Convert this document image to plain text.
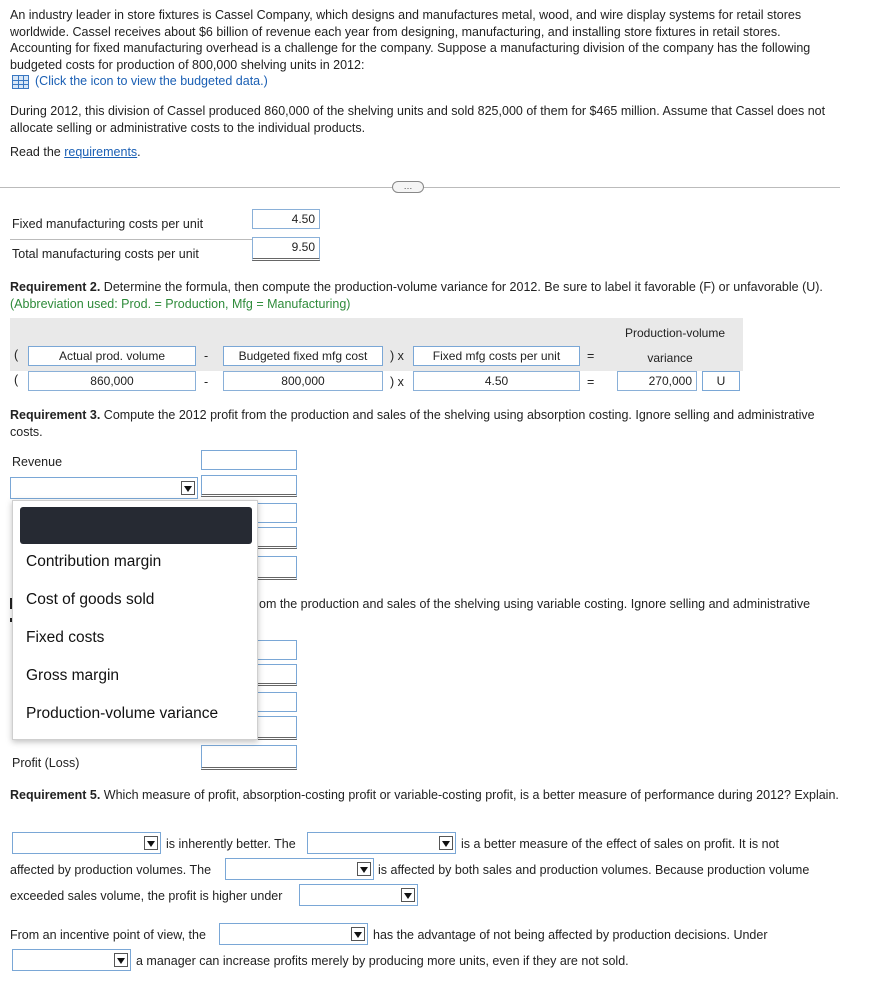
An industry leader in store fixtures is Cassel Company, which designs and manufactures metal, wood, and wire display systems for retail stores worldwide. Cassel receives about $6 billion of revenue each year from designing, manufacturing, and installing store fixtures in retail stores. Accounting for fixed manufacturing overhead is a challenge for the company. Suppose a manufacturing division of the company has the following budgeted costs for production of 800,000 shelving units in 2012:
(Click the icon to view the budgeted data.)
During 2012, this division of Cassel produced 860,000 of the shelving units and sold 825,000 of them for $465 million. Assume that Cassel does not allocate selling or administrative costs to the individual products.
Read the requirements.
…
Fixed manufacturing costs per unit	4.50
Total manufacturing costs per unit	9.50
Requirement 2. Determine the formula, then compute the production-volume variance for 2012. Be sure to label it favorable (F) or unfavorable (U). (Abbreviation used: Prod. = Production, Mfg = Manufacturing)
Production-volume
variance
(	Actual prod. volume	-	Budgeted fixed mfg cost	) x	Fixed mfg costs per unit	=
(	860,000	-	800,000	) x	4.50	=	270,000	U
Requirement 3. Compute the 2012 profit from the production and sales of the shelving using absorption costing. Ignore selling and administrative costs.
Revenue
om the production and sales of the shelving using variable costing. Ignore selling and administrative
Profit (Loss)
Contribution margin
Cost of goods sold
Fixed costs
Gross margin
Production-volume variance
Requirement 5. Which measure of profit, absorption-costing profit or variable-costing profit, is a better measure of performance during 2012? Explain.
is inherently better. The	is a better measure of the effect of sales on profit. It is not
affected by production volumes. The	is affected by both sales and production volumes. Because production volume
exceeded sales volume, the profit is higher under
From an incentive point of view, the	has the advantage of not being affected by production decisions. Under
a manager can increase profits merely by producing more units, even if they are not sold.
